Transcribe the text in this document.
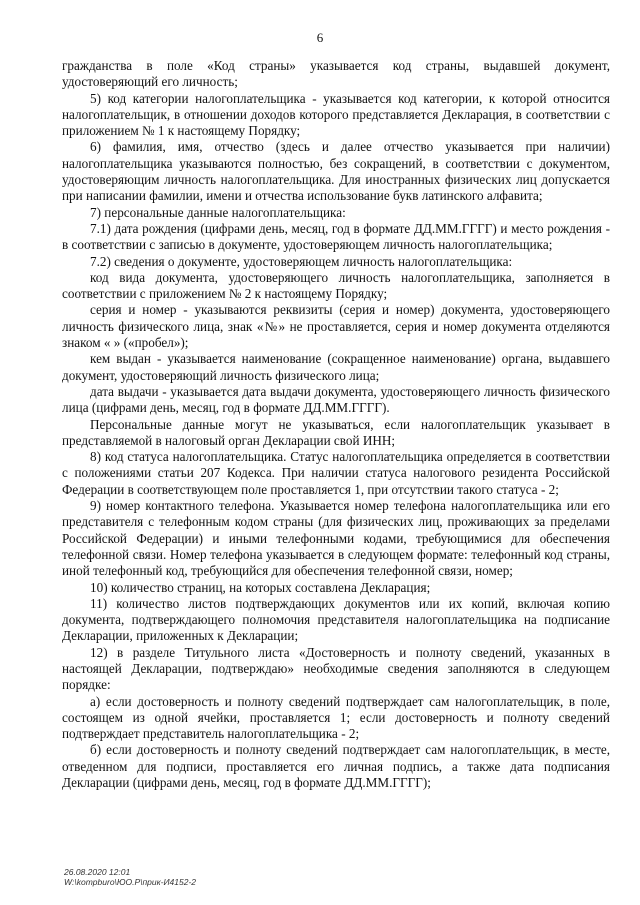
6

гражданства в поле «Код страны» указывается код страны, выдавшей документ, удостоверяющий его личность;

5) код категории налогоплательщика - указывается код категории, к которой относится налогоплательщик, в отношении доходов которого представляется Декларация, в соответствии с приложением № 1 к настоящему Порядку;

6) фамилия, имя, отчество (здесь и далее отчество указывается при наличии) налогоплательщика указываются полностью, без сокращений, в соответствии с документом, удостоверяющим личность налогоплательщика. Для иностранных физических лиц допускается при написании фамилии, имени и отчества использование букв латинского алфавита;

7) персональные данные налогоплательщика:

7.1) дата рождения (цифрами день, месяц, год в формате ДД.ММ.ГГГГ) и место рождения - в соответствии с записью в документе, удостоверяющем личность налогоплательщика;

7.2) сведения о документе, удостоверяющем личность налогоплательщика:

код вида документа, удостоверяющего личность налогоплательщика, заполняется в соответствии с приложением № 2 к настоящему Порядку;

серия и номер - указываются реквизиты (серия и номер) документа, удостоверяющего личность физического лица, знак «№» не проставляется, серия и номер документа отделяются знаком « » («пробел»);

кем выдан - указывается наименование (сокращенное наименование) органа, выдавшего документ, удостоверяющий личность физического лица;

дата выдачи - указывается дата выдачи документа, удостоверяющего личность физического лица (цифрами день, месяц, год в формате ДД.ММ.ГГГГ).

Персональные данные могут не указываться, если налогоплательщик указывает в представляемой в налоговый орган Декларации свой ИНН;

8) код статуса налогоплательщика. Статус налогоплательщика определяется в соответствии с положениями статьи 207 Кодекса. При наличии статуса налогового резидента Российской Федерации в соответствующем поле проставляется 1, при отсутствии такого статуса - 2;

9) номер контактного телефона. Указывается номер телефона налогоплательщика или его представителя с телефонным кодом страны (для физических лиц, проживающих за пределами Российской Федерации) и иными телефонными кодами, требующимися для обеспечения телефонной связи. Номер телефона указывается в следующем формате: телефонный код страны, иной телефонный код, требующийся для обеспечения телефонной связи, номер;

10) количество страниц, на которых составлена Декларация;

11) количество листов подтверждающих документов или их копий, включая копию документа, подтверждающего полномочия представителя налогоплательщика на подписание Декларации, приложенных к Декларации;

12) в разделе Титульного листа «Достоверность и полноту сведений, указанных в настоящей Декларации, подтверждаю» необходимые сведения заполняются в следующем порядке:

а) если достоверность и полноту сведений подтверждает сам налогоплательщик, в поле, состоящем из одной ячейки, проставляется 1; если достоверность и полноту сведений подтверждает представитель налогоплательщика - 2;

б) если достоверность и полноту сведений подтверждает сам налогоплательщик, в месте, отведенном для подписи, проставляется его личная подпись, а также дата подписания Декларации (цифрами день, месяц, год в формате ДД.ММ.ГГГГ);

26.08.2020 12:01
W:\kompburo\ЮО.Р\прик-И4152-2
